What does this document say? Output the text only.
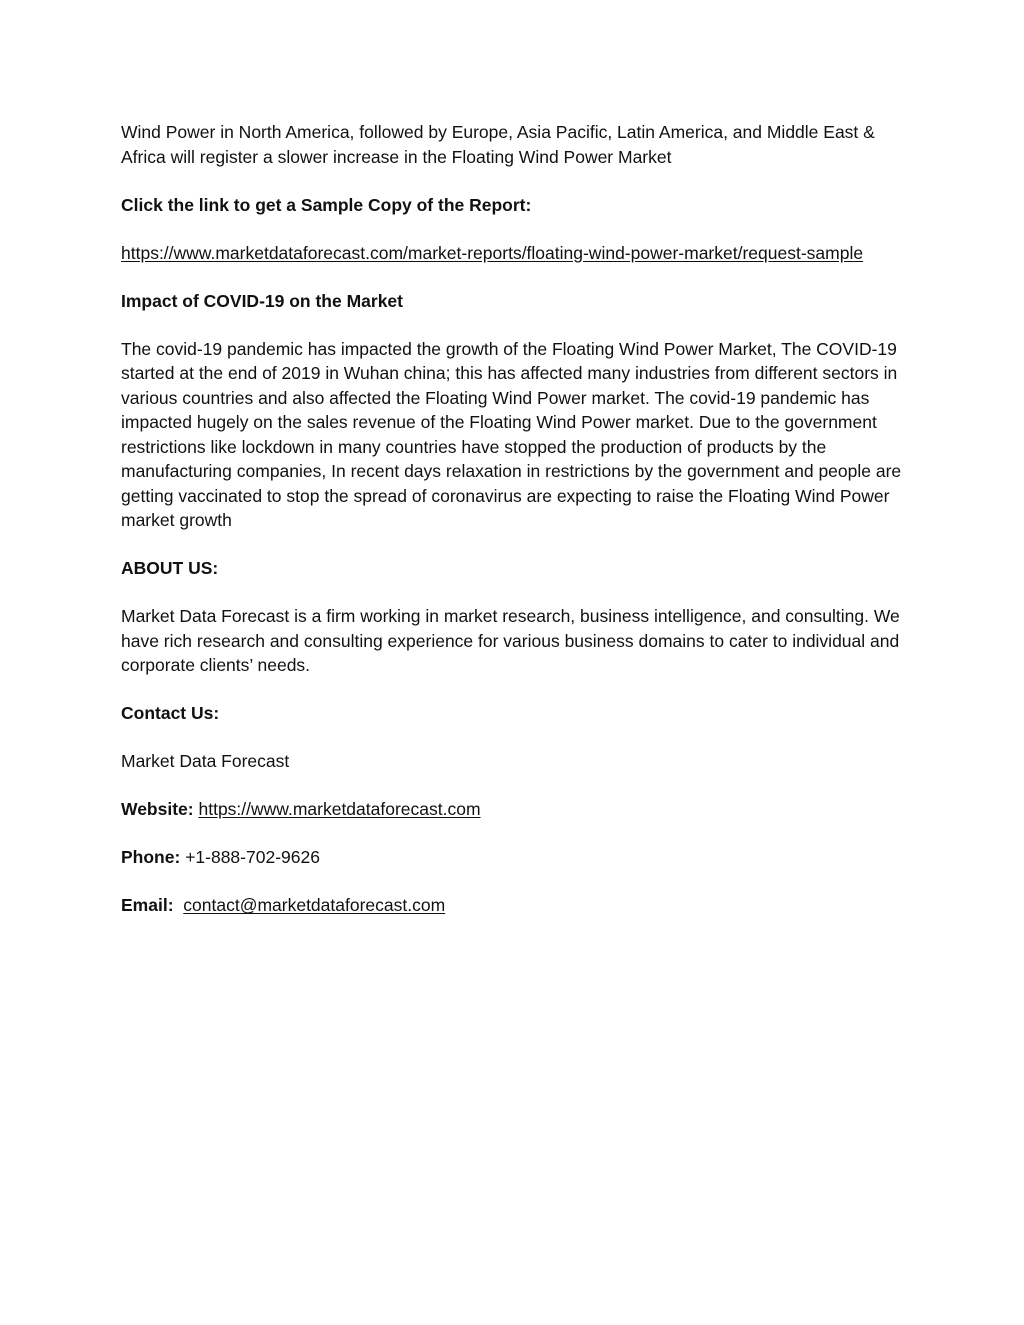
Wind Power in North America, followed by Europe, Asia Pacific, Latin America, and Middle East & Africa will register a slower increase in the Floating Wind Power Market

Click the link to get a Sample Copy of the Report:

https://www.marketdataforecast.com/market-reports/floating-wind-power-market/request-sample

Impact of COVID-19 on the Market

The covid-19 pandemic has impacted the growth of the Floating Wind Power Market, The COVID-19 started at the end of 2019 in Wuhan china; this has affected many industries from different sectors in various countries and also affected the Floating Wind Power market. The covid-19 pandemic has impacted hugely on the sales revenue of the Floating Wind Power market. Due to the government restrictions like lockdown in many countries have stopped the production of products by the manufacturing companies, In recent days relaxation in restrictions by the government and people are getting vaccinated to stop the spread of coronavirus are expecting to raise the Floating Wind Power market growth

ABOUT US:

Market Data Forecast is a firm working in market research, business intelligence, and consulting. We have rich research and consulting experience for various business domains to cater to individual and corporate clients’ needs.

Contact Us:

Market Data Forecast

Website: https://www.marketdataforecast.com

Phone: +1-888-702-9626

Email: contact@marketdataforecast.com
